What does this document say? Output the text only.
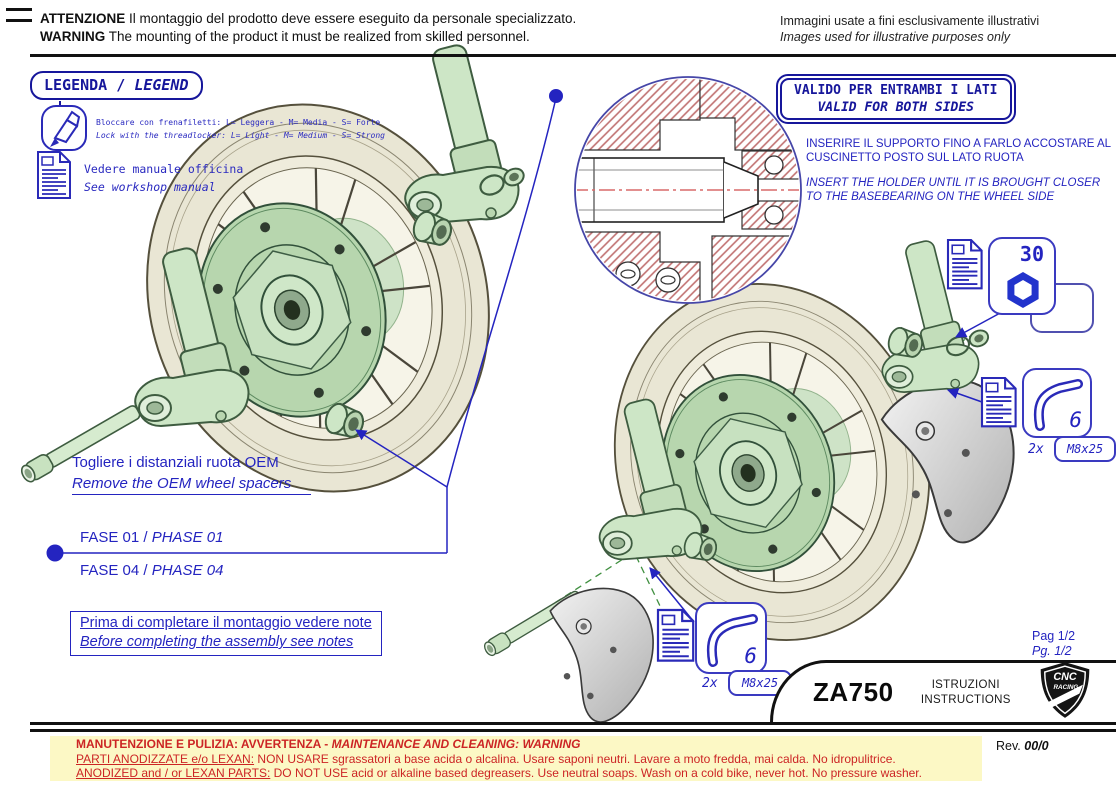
ATTENZIONE Il montaggio del prodotto deve essere eseguito da personale specializzato.
WARNING The mounting of the product it must be realized from skilled personnel.
Immagini usate a fini esclusivamente illustrativi
Images used for illustrative purposes only
LEGENDA / LEGEND
Bloccare con frenafiletti: L= Leggera - M= Media - S= Forte
Lock with the threadlocker: L= Light - M= Medium - S= Strong
Vedere manuale officina
See workshop manual
VALIDO PER ENTRAMBI I LATI
VALID FOR BOTH SIDES
INSERIRE IL SUPPORTO FINO A FARLO ACCOSTARE AL CUSCINETTO POSTO SUL LATO RUOTA
INSERT THE HOLDER UNTIL IT IS BROUGHT CLOSER TO THE BASEBEARING ON THE WHEEL SIDE
30
6
2x	M8x25
6
2x	M8x25
Togliere i distanziali ruota OEM
Remove the OEM wheel spacers
FASE 01 / PHASE 01
FASE 04 / PHASE 04
Prima di completare il montaggio vedere note
Before completing the assembly see notes	Pag 1/2
Pg. 1/2
ZA750	ISTRUZIONI
INSTRUCTIONS
CNC
RACING
MANUTENZIONE E PULIZIA: AVVERTENZA - MAINTENANCE AND CLEANING: WARNING
PARTI ANODIZZATE e/o LEXAN: NON USARE sgrassatori a base acida o alcalina. Usare saponi neutri. Lavare a moto fredda, mai calda. No idropulitrice.
ANODIZED and / or LEXAN PARTS: DO NOT USE acid or alkaline based degreasers. Use neutral soaps. Wash on a cold bike, never hot. No pressure washer.
Rev. 00/0
